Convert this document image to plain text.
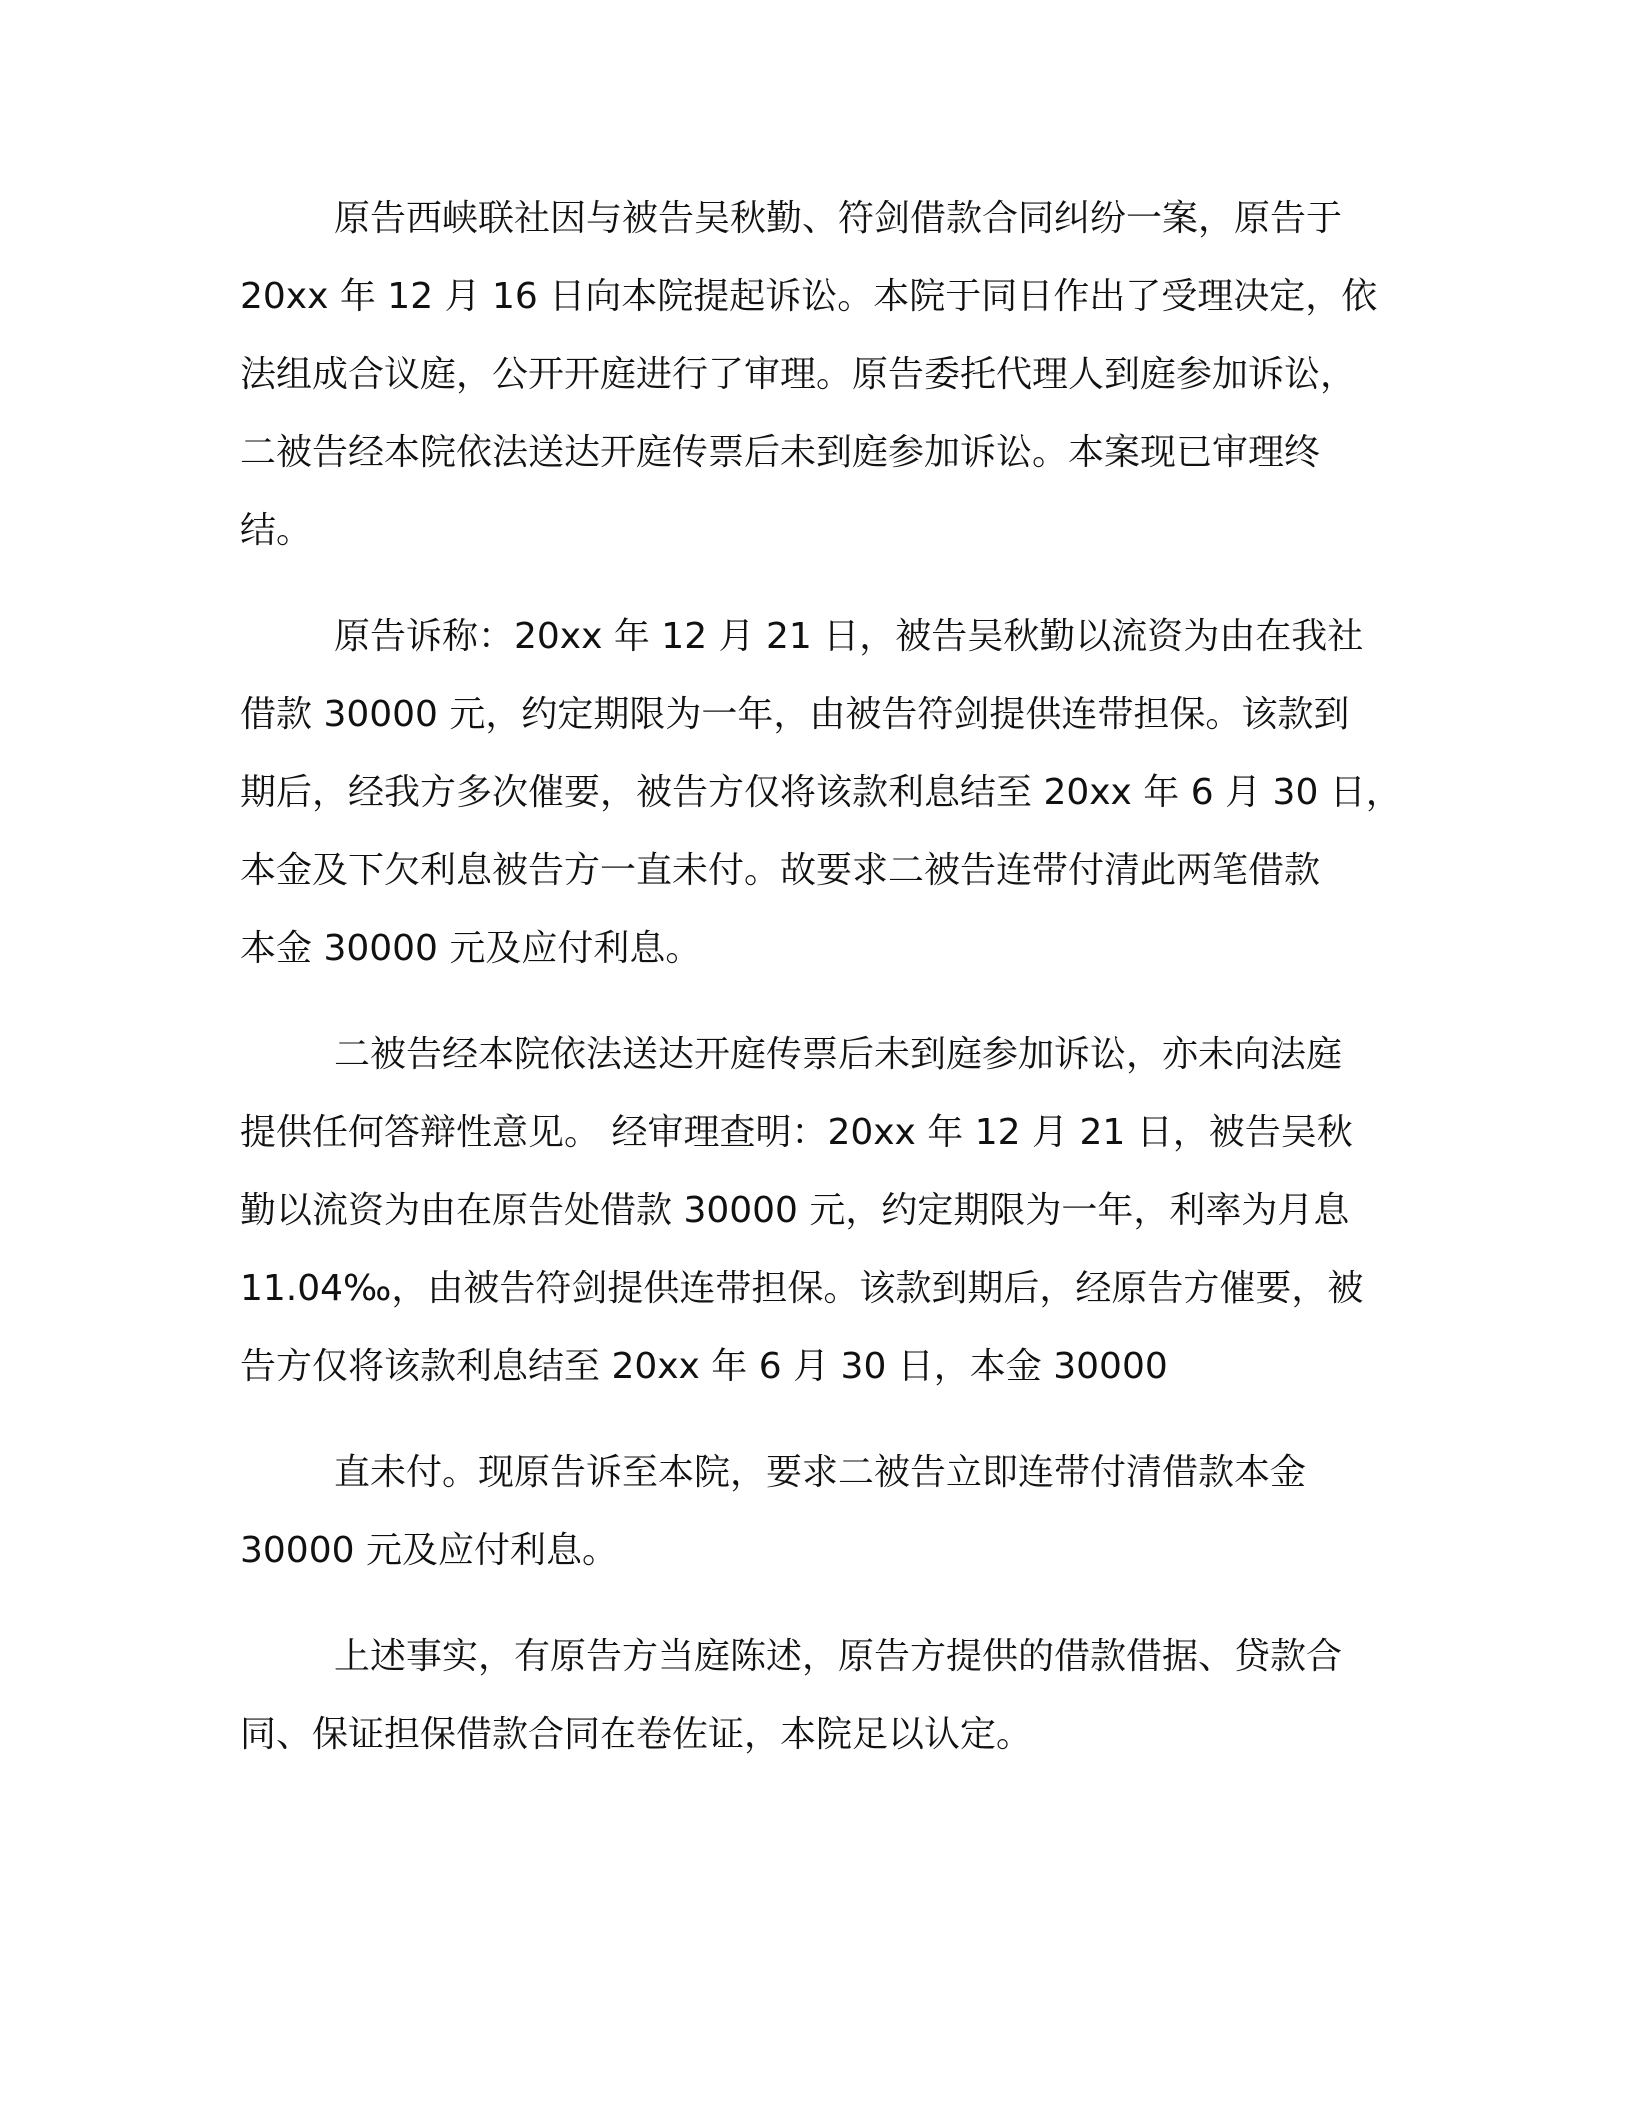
原告西峡联社因与被告吴秋勤、符剑借款合同纠纷一案，原告于
20xx 年 12 月 16 日向本院提起诉讼。本院于同日作出了受理决定，依
法组成合议庭，公开开庭进行了审理。原告委托代理人到庭参加诉讼，
二被告经本院依法送达开庭传票后未到庭参加诉讼。本案现已审理终
结。

原告诉称：20xx 年 12 月 21 日，被告吴秋勤以流资为由在我社
借款 30000 元，约定期限为一年，由被告符剑提供连带担保。该款到
期后，经我方多次催要，被告方仅将该款利息结至 20xx 年 6 月 30 日，
本金及下欠利息被告方一直未付。故要求二被告连带付清此两笔借款
本金 30000 元及应付利息。

二被告经本院依法送达开庭传票后未到庭参加诉讼，亦未向法庭
提供任何答辩性意见。 经审理查明：20xx 年 12 月 21 日，被告吴秋
勤以流资为由在原告处借款 30000 元，约定期限为一年，利率为月息
11.04‰，由被告符剑提供连带担保。该款到期后，经原告方催要，被
告方仅将该款利息结至 20xx 年 6 月 30 日，本金 30000

直未付。现原告诉至本院，要求二被告立即连带付清借款本金
30000 元及应付利息。

上述事实，有原告方当庭陈述，原告方提供的借款借据、贷款合
同、保证担保借款合同在卷佐证，本院足以认定。
